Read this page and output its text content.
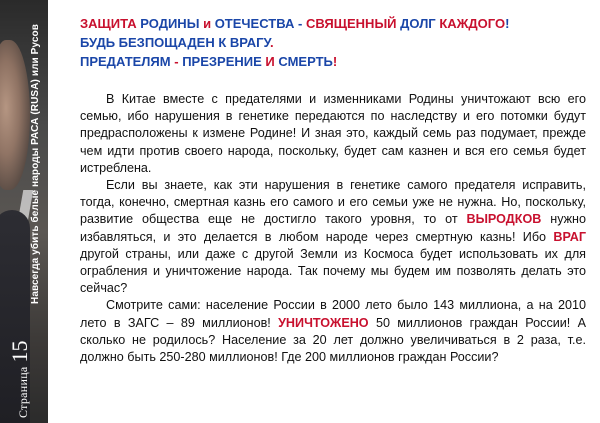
Страница15
Навсегда убить белые народы РАСА (RUSA) или Русов
ЗАЩИТА РОДИНЫ и ОТЕЧЕСТВА - СВЯЩЕННЫЙ ДОЛГ КАЖДОГО!
БУДЬ БЕЗПОЩАДЕН К ВРАГУ.
ПРЕДАТЕЛЯМ - ПРЕЗРЕНИЕ И СМЕРТЬ!

В Китае вместе с предателями и изменниками Родины уничтожают всю его семью, ибо нарушения в генетике передаются по наследству и его потомки будут предрасположены к измене Родине! И зная это, каждый семь раз подумает, прежде чем идти против своего народа, поскольку, будет сам казнен и вся его семья будет истреблена.

Если вы знаете, как эти нарушения в генетике самого предателя исправить, тогда, конечно, смертная казнь его самого и его семьи уже не нужна. Но, поскольку, развитие общества еще не достигло такого уровня, то от ВЫРОДКОВ нужно избавляться, и это делается в любом народе через смертную казнь! Ибо ВРАГ другой страны, или даже с другой Земли из Космоса будет использовать их для ограбления и уничтожение народа. Так почему мы будем им позволять делать это сейчас?

Смотрите сами: население России в 2000 лето было 143 миллиона, а на 2010 лето в ЗАГС – 89 миллионов! УНИЧТОЖЕНО 50 миллионов граждан России! А сколько не родилось? Население за 20 лет должно увеличиваться в 2 раза, т.е. должно быть 250-280 миллионов! Где 200 миллионов граждан России?
